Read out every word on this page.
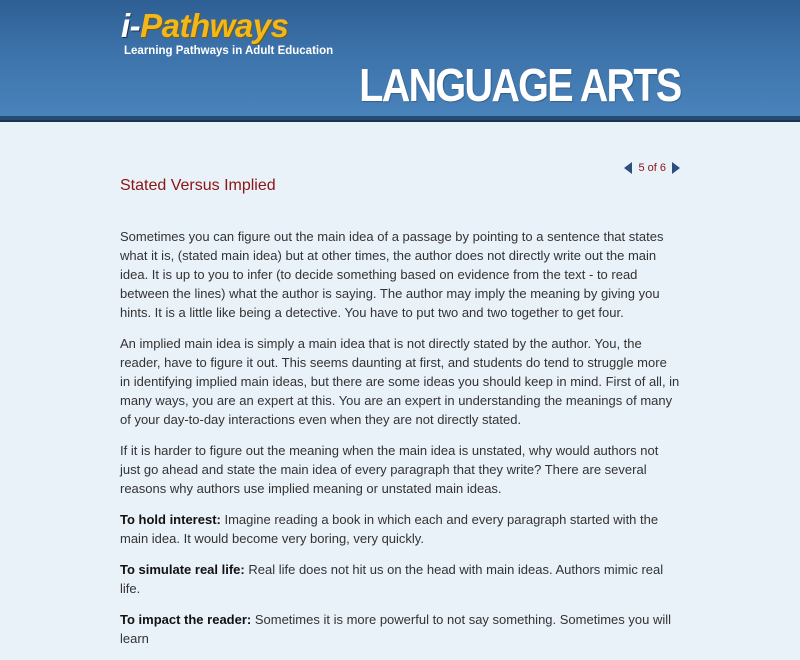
i-Pathways
Learning Pathways in Adult Education
LANGUAGE ARTS
5 of 6
Stated Versus Implied

Sometimes you can figure out the main idea of a passage by pointing to a sentence that states what it is, (stated main idea) but at other times, the author does not directly write out the main idea. It is up to you to infer (to decide something based on evidence from the text - to read between the lines) what the author is saying. The author may imply the meaning by giving you hints. It is a little like being a detective. You have to put two and two together to get four.

An implied main idea is simply a main idea that is not directly stated by the author. You, the reader, have to figure it out. This seems daunting at first, and students do tend to struggle more in identifying implied main ideas, but there are some ideas you should keep in mind. First of all, in many ways, you are an expert at this. You are an expert in understanding the meanings of many of your day-to-day interactions even when they are not directly stated.

If it is harder to figure out the meaning when the main idea is unstated, why would authors not just go ahead and state the main idea of every paragraph that they write? There are several reasons why authors use implied meaning or unstated main ideas.

To hold interest: Imagine reading a book in which each and every paragraph started with the main idea. It would become very boring, very quickly.

To simulate real life: Real life does not hit us on the head with main ideas. Authors mimic real life.

To impact the reader: Sometimes it is more powerful to not say something. Sometimes you will learn
